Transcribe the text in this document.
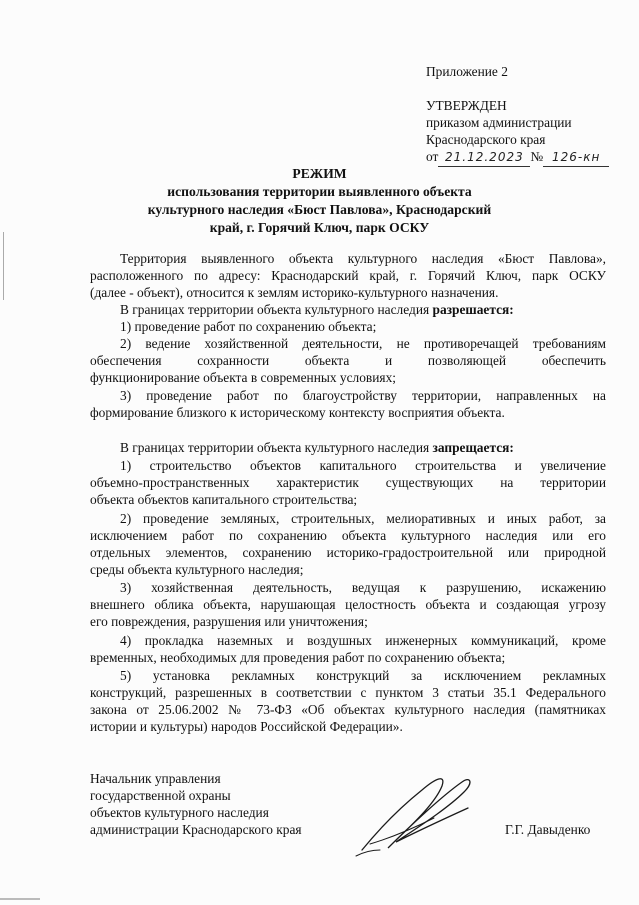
Приложение 2
УТВЕРЖДЕН
приказом администрации
Краснодарского края
от 21.12.2023 № 126-кн
РЕЖИМ
использования территории выявленного объекта
культурного наследия «Бюст Павлова», Краснодарский
край, г. Горячий Ключ, парк ОСКУ
Территория выявленного объекта культурного наследия «Бюст Павлова»,
расположенного по адресу: Краснодарский край, г. Горячий Ключ, парк ОСКУ
(далее - объект), относится к землям историко-культурного назначения.
В границах территории объекта культурного наследия разрешается:
1) проведение работ по сохранению объекта;
2) ведение хозяйственной деятельности, не противоречащей требованиям
обеспечения сохранности объекта и позволяющей обеспечить
функционирование объекта в современных условиях;
3) проведение работ по благоустройству территории, направленных на
формирование близкого к историческому контексту восприятия объекта.
В границах территории объекта культурного наследия запрещается:
1) строительство объектов капитального строительства и увеличение
объемно-пространственных характеристик существующих на территории
объекта объектов капитального строительства;
2) проведение земляных, строительных, мелиоративных и иных работ, за
исключением работ по сохранению объекта культурного наследия или его
отдельных элементов, сохранению историко-градостроительной или природной
среды объекта культурного наследия;
3) хозяйственная деятельность, ведущая к разрушению, искажению
внешнего облика объекта, нарушающая целостность объекта и создающая угрозу
его повреждения, разрушения или уничтожения;
4) прокладка наземных и воздушных инженерных коммуникаций, кроме
временных, необходимых для проведения работ по сохранению объекта;
5) установка рекламных конструкций за исключением рекламных
конструкций, разрешенных в соответствии с пунктом 3 статьи 35.1 Федерального
закона от 25.06.2002 № 73-ФЗ «Об объектах культурного наследия (памятниках
истории и культуры) народов Российской Федерации».
Начальник управления
государственной охраны
объектов культурного наследия
администрации Краснодарского края	Г.Г. Давыденко
